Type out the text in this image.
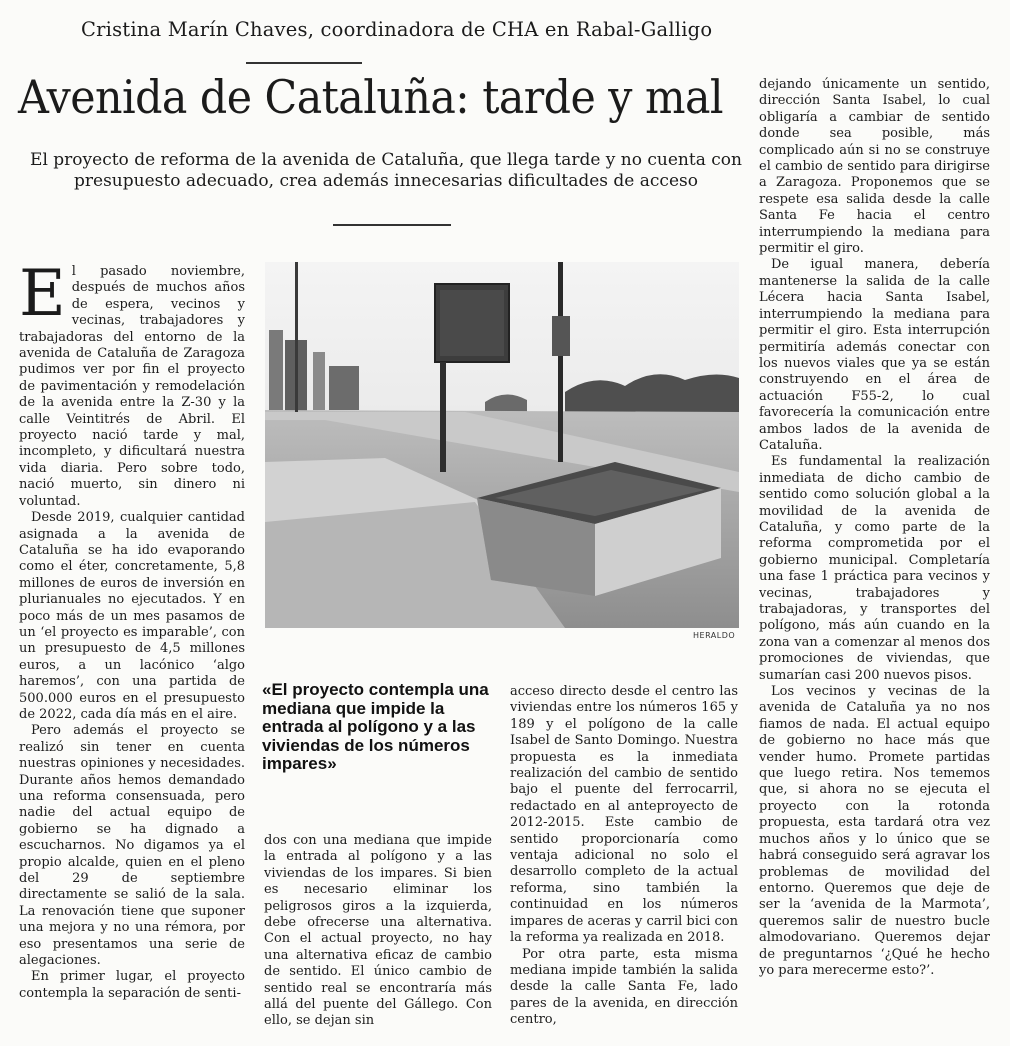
Cristina Marín Chaves, coordinadora de CHA en Rabal-Galligo
Avenida de Cataluña: tarde y mal
El proyecto de reforma de la avenida de Cataluña, que llega tarde y no cuenta con presupuesto adecuado, crea además innecesarias dificultades de acceso

El pasado noviembre, después de muchos años de espera, vecinos y vecinas, trabajadores y trabajadoras del entorno de la avenida de Cataluña de Zaragoza pudimos ver por fin el proyecto de pavimentación y remodelación de la avenida entre la Z-30 y la calle Veintitrés de Abril. El proyecto nació tarde y mal, incompleto, y dificultará nuestra vida diaria. Pero sobre todo, nació muerto, sin dinero ni voluntad.

Desde 2019, cualquier cantidad asignada a la avenida de Cataluña se ha ido evaporando como el éter, concretamente, 5,8 millones de euros de inversión en plurianuales no ejecutados. Y en poco más de un mes pasamos de un ‘el proyecto es imparable’, con un presupuesto de 4,5 millones euros, a un lacónico ‘algo haremos’, con una partida de 500.000 euros en el presupuesto de 2022, cada día más en el aire.

Pero además el proyecto se realizó sin tener en cuenta nuestras opiniones y necesidades. Durante años hemos demandado una reforma consensuada, pero nadie del actual equipo de gobierno se ha dignado a escucharnos. No digamos ya el propio alcalde, quien en el pleno del 29 de septiembre directamente se salió de la sala. La renovación tiene que suponer una mejora y no una rémora, por eso presentamos una serie de alegaciones.

En primer lugar, el proyecto contempla la separación de senti-

HERALDO
«El proyecto contempla una mediana que impide la entrada al polígono y a las viviendas de los números impares»

dos con una mediana que impide la entrada al polígono y a las viviendas de los impares. Si bien es necesario eliminar los peligrosos giros a la izquierda, debe ofrecerse una alternativa. Con el actual proyecto, no hay una alternativa eficaz de cambio de sentido. El único cambio de sentido real se encontraría más allá del puente del Gállego. Con ello, se dejan sin

acceso directo desde el centro las viviendas entre los números 165 y 189 y el polígono de la calle Isabel de Santo Domingo. Nuestra propuesta es la inmediata realización del cambio de sentido bajo el puente del ferrocarril, redactado en al anteproyecto de 2012-2015. Este cambio de sentido proporcionaría como ventaja adicional no solo el desarrollo completo de la actual reforma, sino también la continuidad en los números impares de aceras y carril bici con la reforma ya realizada en 2018.

Por otra parte, esta misma mediana impide también la salida desde la calle Santa Fe, lado pares de la avenida, en dirección centro,

dejando únicamente un sentido, dirección Santa Isabel, lo cual obligaría a cambiar de sentido donde sea posible, más complicado aún si no se construye el cambio de sentido para dirigirse a Zaragoza. Proponemos que se respete esa salida desde la calle Santa Fe hacia el centro interrumpiendo la mediana para permitir el giro.

De igual manera, debería mantenerse la salida de la calle Lécera hacia Santa Isabel, interrumpiendo la mediana para permitir el giro. Esta interrupción permitiría además conectar con los nuevos viales que ya se están construyendo en el área de actuación F55-2, lo cual favorecería la comunicación entre ambos lados de la avenida de Cataluña.

Es fundamental la realización inmediata de dicho cambio de sentido como solución global a la movilidad de la avenida de Cataluña, y como parte de la reforma comprometida por el gobierno municipal. Completaría una fase 1 práctica para vecinos y vecinas, trabajadores y trabajadoras, y transportes del polígono, más aún cuando en la zona van a comenzar al menos dos promociones de viviendas, que sumarían casi 200 nuevos pisos.

Los vecinos y vecinas de la avenida de Cataluña ya no nos fiamos de nada. El actual equipo de gobierno no hace más que vender humo. Promete partidas que luego retira. Nos tememos que, si ahora no se ejecuta el proyecto con la rotonda propuesta, esta tardará otra vez muchos años y lo único que se habrá conseguido será agravar los problemas de movilidad del entorno. Queremos que deje de ser la ‘avenida de la Marmota’, queremos salir de nuestro bucle almodovariano. Queremos dejar de preguntarnos ‘¿Qué he hecho yo para merecerme esto?’.
